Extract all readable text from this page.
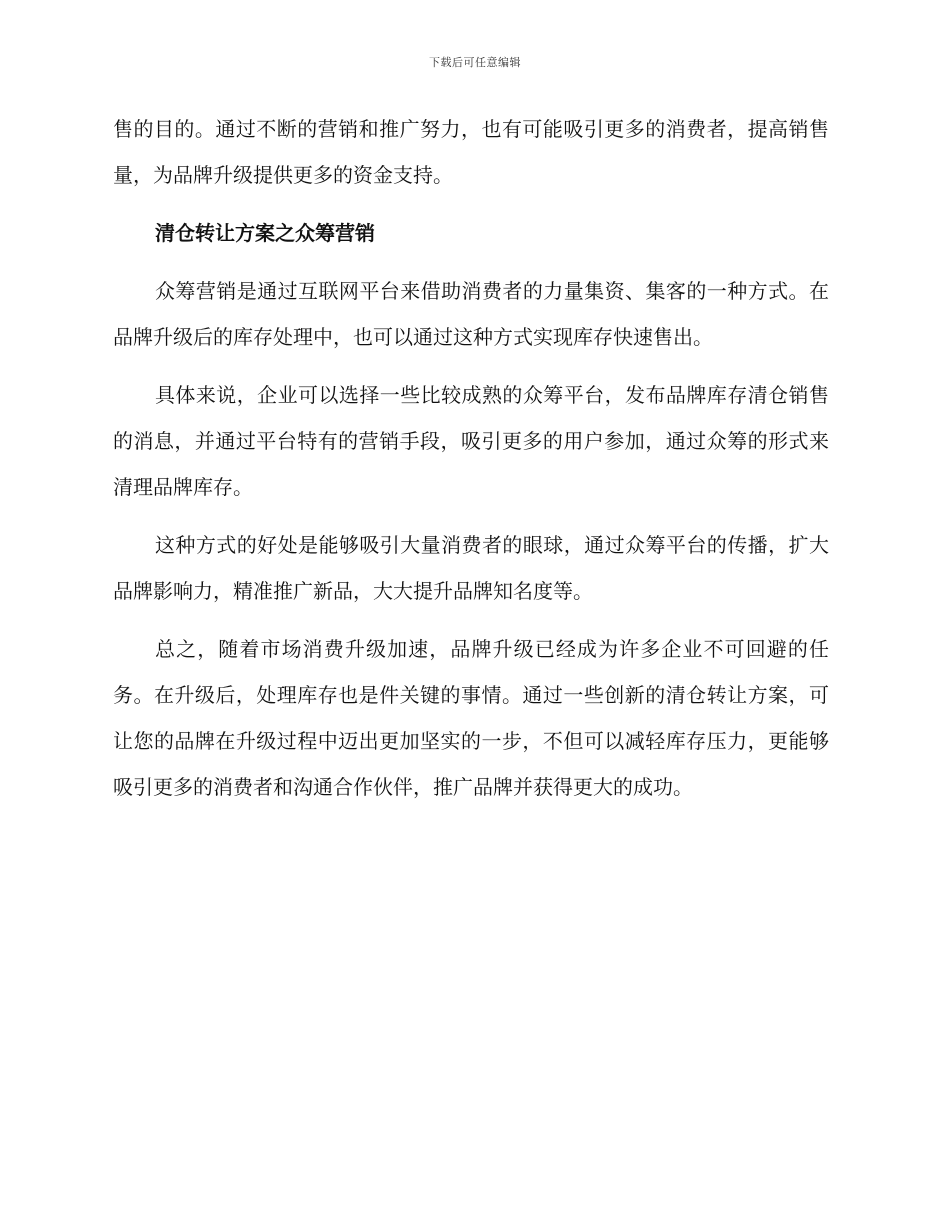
下载后可任意编辑

售的目的。通过不断的营销和推广努力，也有可能吸引更多的消费者，提高销售量，为品牌升级提供更多的资金支持。

清仓转让方案之众筹营销

众筹营销是通过互联网平台来借助消费者的力量集资、集客的一种方式。在品牌升级后的库存处理中，也可以通过这种方式实现库存快速售出。

具体来说，企业可以选择一些比较成熟的众筹平台，发布品牌库存清仓销售的消息，并通过平台特有的营销手段，吸引更多的用户参加，通过众筹的形式来清理品牌库存。

这种方式的好处是能够吸引大量消费者的眼球，通过众筹平台的传播，扩大品牌影响力，精准推广新品，大大提升品牌知名度等。

总之，随着市场消费升级加速，品牌升级已经成为许多企业不可回避的任务。在升级后，处理库存也是件关键的事情。通过一些创新的清仓转让方案，可让您的品牌在升级过程中迈出更加坚实的一步，不但可以减轻库存压力，更能够吸引更多的消费者和沟通合作伙伴，推广品牌并获得更大的成功。
